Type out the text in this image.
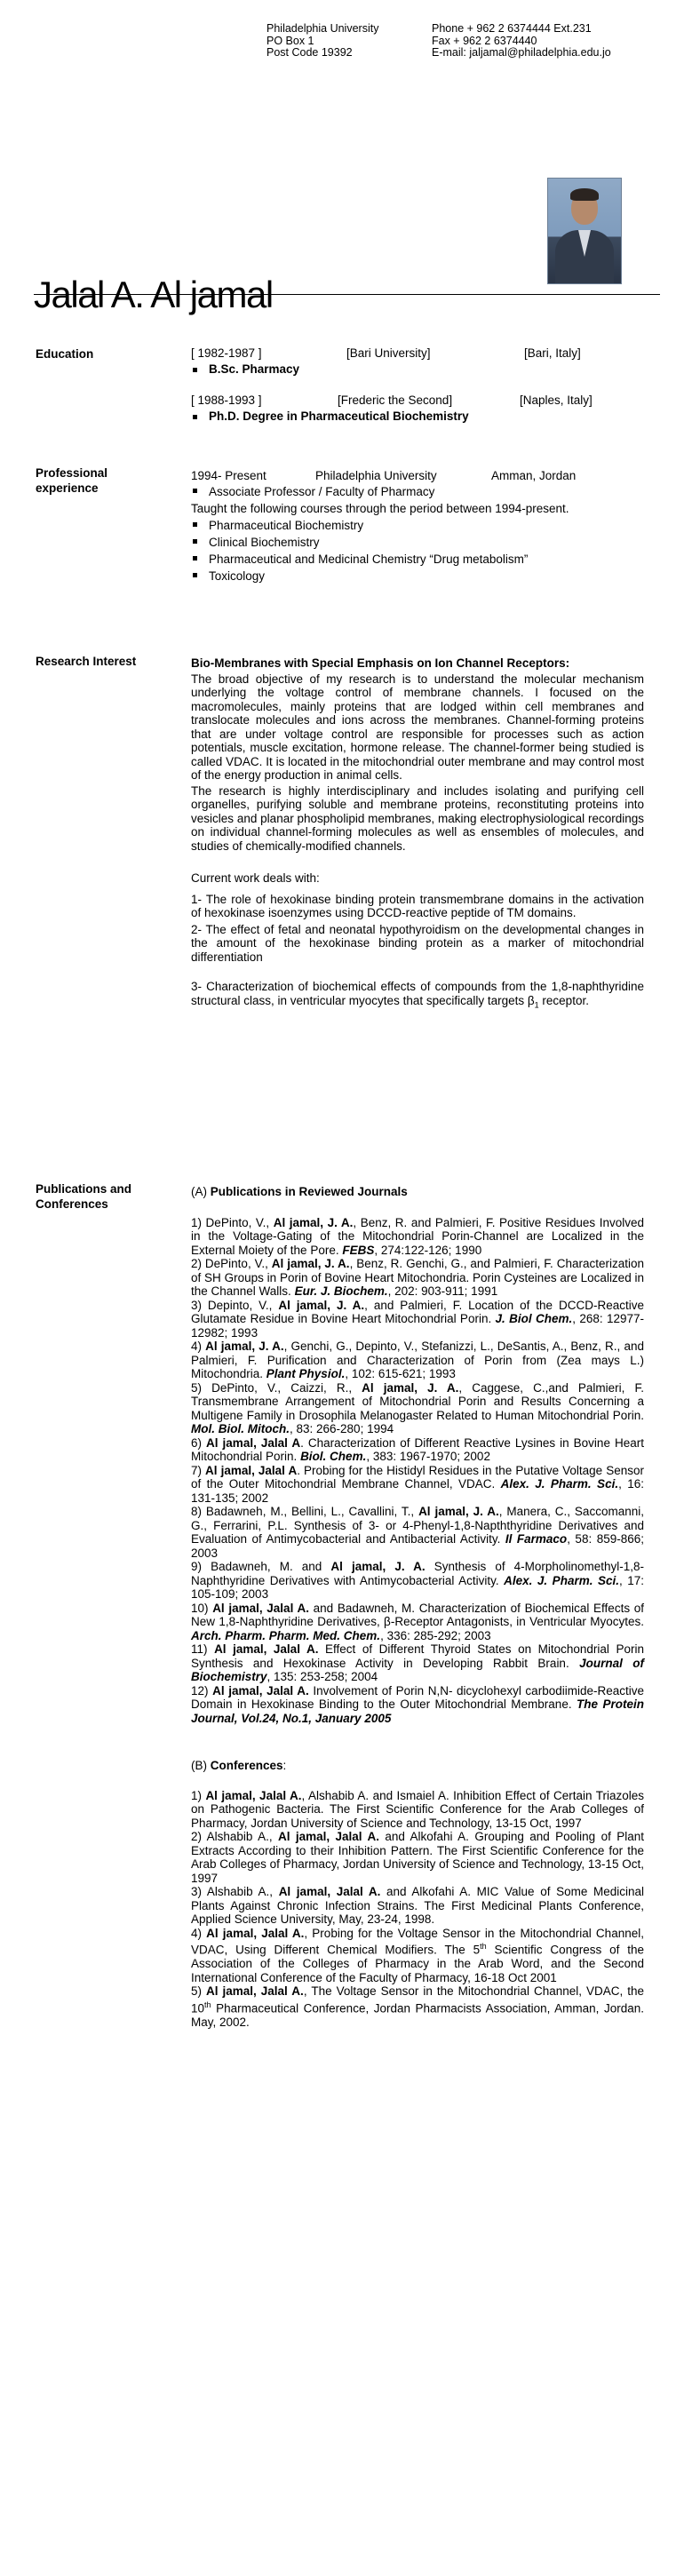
Philadelphia University
PO Box 1
Post Code 19392
Phone + 962 2 6374444 Ext.231
Fax + 962 2 6374440
E-mail: jaljamal@philadelphia.edu.jo
Jalal A. Al jamal
Education	[ 1982-1987 ]	[Bari University]	[Bari, Italy]
B.Sc. Pharmacy
[ 1988-1993 ]	[Frederic the Second]	[Naples, Italy]
Ph.D. Degree in Pharmaceutical Biochemistry
Professional experience
1994- Present	Philadelphia University	Amman, Jordan
Associate Professor / Faculty of Pharmacy
Taught the following courses through the period between 1994-present.
Pharmaceutical Biochemistry
Clinical Biochemistry
Pharmaceutical and Medicinal Chemistry “Drug metabolism”
Toxicology
Research Interest	Bio-Membranes with Special Emphasis on Ion Channel Receptors:

The broad objective of my research is to understand the molecular mechanism underlying the voltage control of membrane channels. I focused on the macromolecules, mainly proteins that are lodged within cell membranes and translocate molecules and ions across the membranes. Channel-forming proteins that are under voltage control are responsible for processes such as action potentials, muscle excitation, hormone release. The channel-former being studied is called VDAC. It is located in the mitochondrial outer membrane and may control most of the energy production in animal cells.

The research is highly interdisciplinary and includes isolating and purifying cell organelles, purifying soluble and membrane proteins, reconstituting proteins into vesicles and planar phospholipid membranes, making electrophysiological recordings on individual channel-forming molecules as well as ensembles of molecules, and studies of chemically-modified channels.

Current work deals with:

1- The role of hexokinase binding protein transmembrane domains in the activation of hexokinase isoenzymes using DCCD-reactive peptide of TM domains.

2- The effect of fetal and neonatal hypothyroidism on the developmental changes in the amount of the hexokinase binding protein as a marker of mitochondrial differentiation

3- Characterization of biochemical effects of compounds from the 1,8-naphthyridine structural class, in ventricular myocytes that specifically targets $\beta_1$ receptor.

Publications and Conferences

(A) Publications in Reviewed Journals

1) DePinto, V., Al jamal, J. A., Benz, R. and Palmieri, F. Positive Residues Involved in the Voltage-Gating of the Mitochondrial Porin-Channel are Localized in the External Moiety of the Pore. FEBS, 274:122-126; 1990

2) DePinto, V., Al jamal, J. A., Benz, R. Genchi, G., and Palmieri, F. Characterization of SH Groups in Porin of Bovine Heart Mitochondria. Porin Cysteines are Localized in the Channel Walls. Eur. J. Biochem., 202: 903-911; 1991

3) Depinto, V., Al jamal, J. A., and Palmieri, F. Location of the DCCD-Reactive Glutamate Residue in Bovine Heart Mitochondrial Porin. J. Biol Chem., 268: 12977-12982; 1993

4) Al jamal, J. A., Genchi, G., Depinto, V., Stefanizzi, L., DeSantis, A., Benz, R., and Palmieri, F. Purification and Characterization of Porin from (Zea mays L.) Mitochondria. Plant Physiol., 102: 615-621; 1993

5) DePinto, V., Caizzi, R., Al jamal, J. A., Caggese, C.,and Palmieri, F. Transmembrane Arrangement of Mitochondrial Porin and Results Concerning a Multigene Family in Drosophila Melanogaster Related to Human Mitochondrial Porin. Mol. Biol. Mitoch., 83: 266-280; 1994

6) Al jamal, Jalal A. Characterization of Different Reactive Lysines in Bovine Heart Mitochondrial Porin. Biol. Chem., 383: 1967-1970; 2002

7) Al jamal, Jalal A. Probing for the Histidyl Residues in the Putative Voltage Sensor of the Outer Mitochondrial Membrane Channel, VDAC. Alex. J. Pharm. Sci., 16: 131-135; 2002

8) Badawneh, M., Bellini, L., Cavallini, T., Al jamal, J. A., Manera, C., Saccomanni, G., Ferrarini, P.L. Synthesis of 3- or 4-Phenyl-1,8-Napththyridine Derivatives and Evaluation of Antimycobacterial and Antibacterial Activity. Il Farmaco, 58: 859-866; 2003

9) Badawneh, M. and Al jamal, J. A. Synthesis of 4-Morpholinomethyl-1,8-Naphthyridine Derivatives with Antimycobacterial Activity. Alex. J. Pharm. Sci., 17: 105-109; 2003

10) Al jamal, Jalal A. and Badawneh, M. Characterization of Biochemical Effects of New 1,8-Naphthyridine Derivatives, β-Receptor Antagonists, in Ventricular Myocytes. Arch. Pharm. Pharm. Med. Chem., 336: 285-292; 2003

11) Al jamal, Jalal A. Effect of Different Thyroid States on Mitochondrial Porin Synthesis and Hexokinase Activity in Developing Rabbit Brain. Journal of Biochemistry, 135: 253-258; 2004

12) Al jamal, Jalal A. Involvement of Porin N,N- dicyclohexyl carbodiimide-Reactive Domain in Hexokinase Binding to the Outer Mitochondrial Membrane. The Protein Journal, Vol.24, No.1, January 2005

(B) Conferences:

1) Al jamal, Jalal A., Alshabib A. and Ismaiel A. Inhibition Effect of Certain Triazoles on Pathogenic Bacteria. The First Scientific Conference for the Arab Colleges of Pharmacy, Jordan University of Science and Technology, 13-15 Oct, 1997

2) Alshabib A., Al jamal, Jalal A. and Alkofahi A. Grouping and Pooling of Plant Extracts According to their Inhibition Pattern. The First Scientific Conference for the Arab Colleges of Pharmacy, Jordan University of Science and Technology, 13-15 Oct, 1997

3) Alshabib A., Al jamal, Jalal A. and Alkofahi A. MIC Value of Some Medicinal Plants Against Chronic Infection Strains. The First Medicinal Plants Conference, Applied Science University, May, 23-24, 1998.

4) Al jamal, Jalal A., Probing for the Voltage Sensor in the Mitochondrial Channel, VDAC, Using Different Chemical Modifiers. The 5th Scientific Congress of the Association of the Colleges of Pharmacy in the Arab Word, and the Second International Conference of the Faculty of Pharmacy, 16-18 Oct 2001

5) Al jamal, Jalal A., The Voltage Sensor in the Mitochondrial Channel, VDAC, the 10th Pharmaceutical Conference, Jordan Pharmacists Association, Amman, Jordan. May, 2002.
